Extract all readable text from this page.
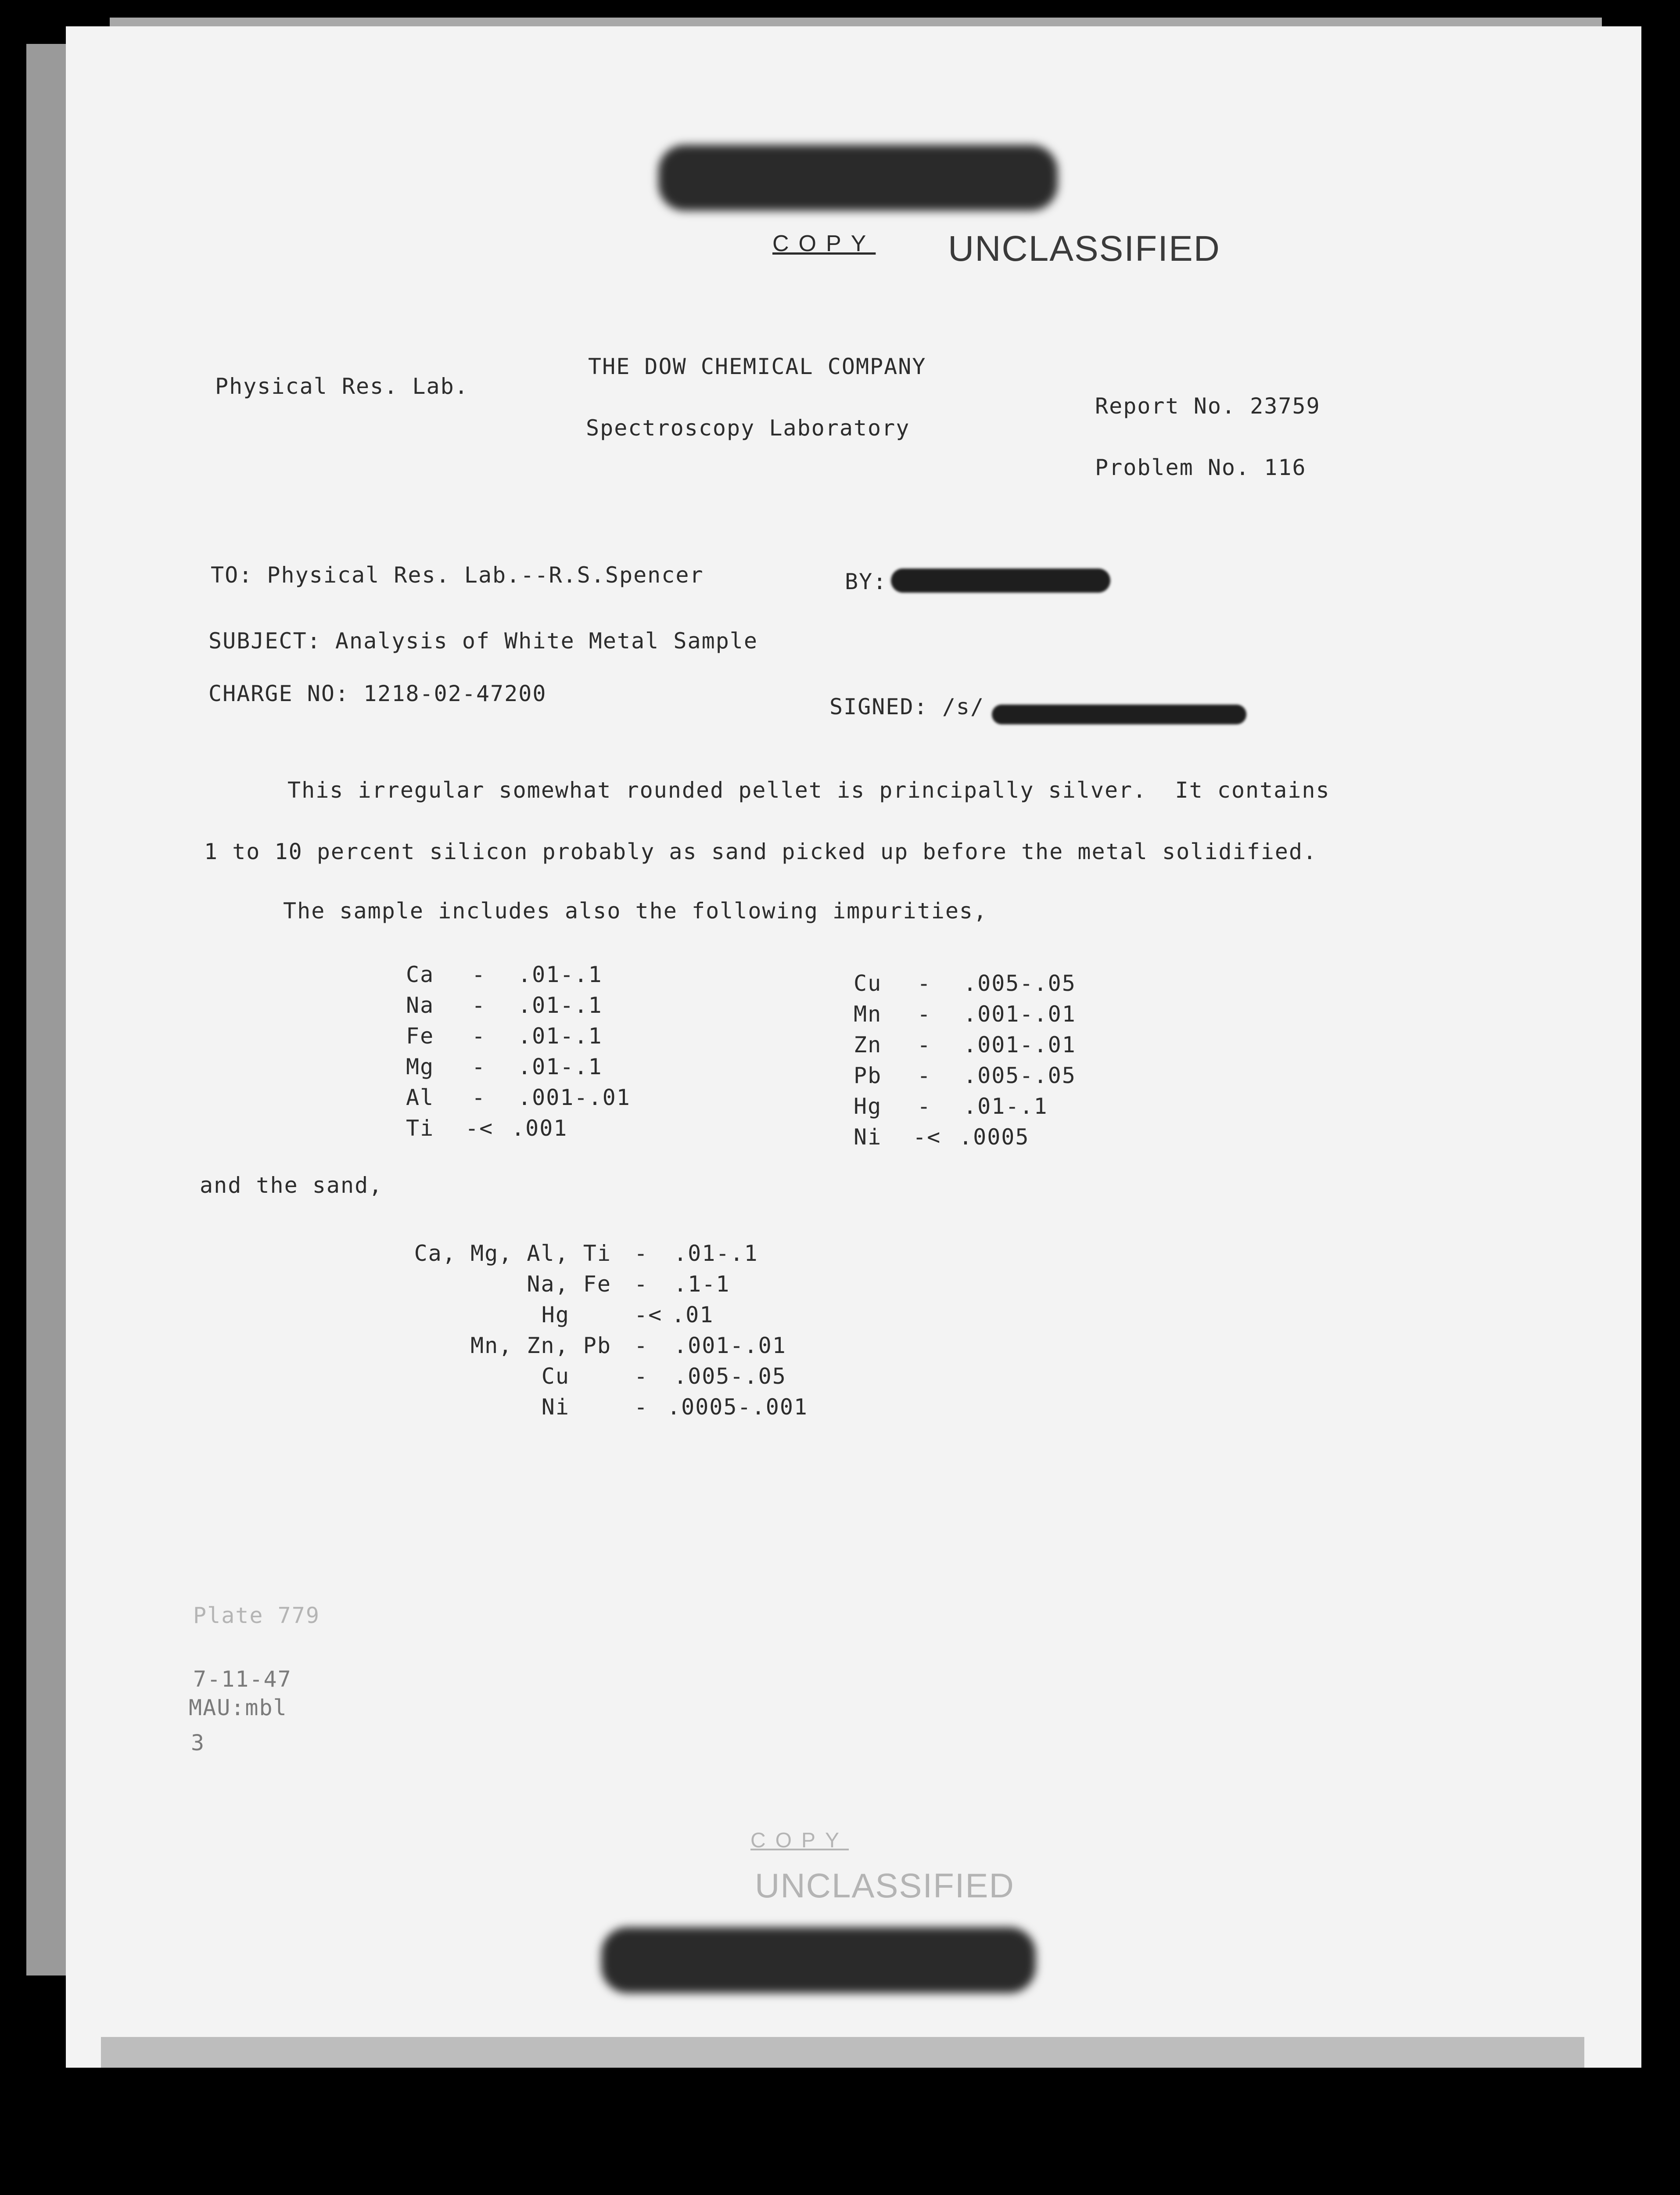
COPY UNCLASSIFIED
Physical Res. Lab.
THE DOW CHEMICAL COMPANY
Spectroscopy Laboratory
Report No. 23759
Problem No. 116
TO: Physical Res. Lab.--R.S.Spencer	BY:
SUBJECT: Analysis of White Metal Sample
CHARGE NO: 1218-02-47200
SIGNED: /s/
This irregular somewhat rounded pellet is principally silver.  It contains
1 to 10 percent silicon probably as sand picked up before the metal solidified.
The sample includes also the following impurities,
Ca - .01-.1
Na - .01-.1
Fe - .01-.1
Mg - .01-.1
Al - .001-.01
Ti -< .001
Cu - .005-.05
Mn - .001-.01
Zn - .001-.01
Pb - .005-.05
Hg - .01-.1
Ni -< .0005
and the sand,
Ca, Mg, Al, Ti - .01-.1
Na, Fe - .1-1
Hg	-< .01
Mn, Zn, Pb - .001-.01
Cu	- .005-.05
Ni	- .0005-.001
Plate 779
7-11-47
MAU:mbl
3
COPY
UNCLASSIFIED
